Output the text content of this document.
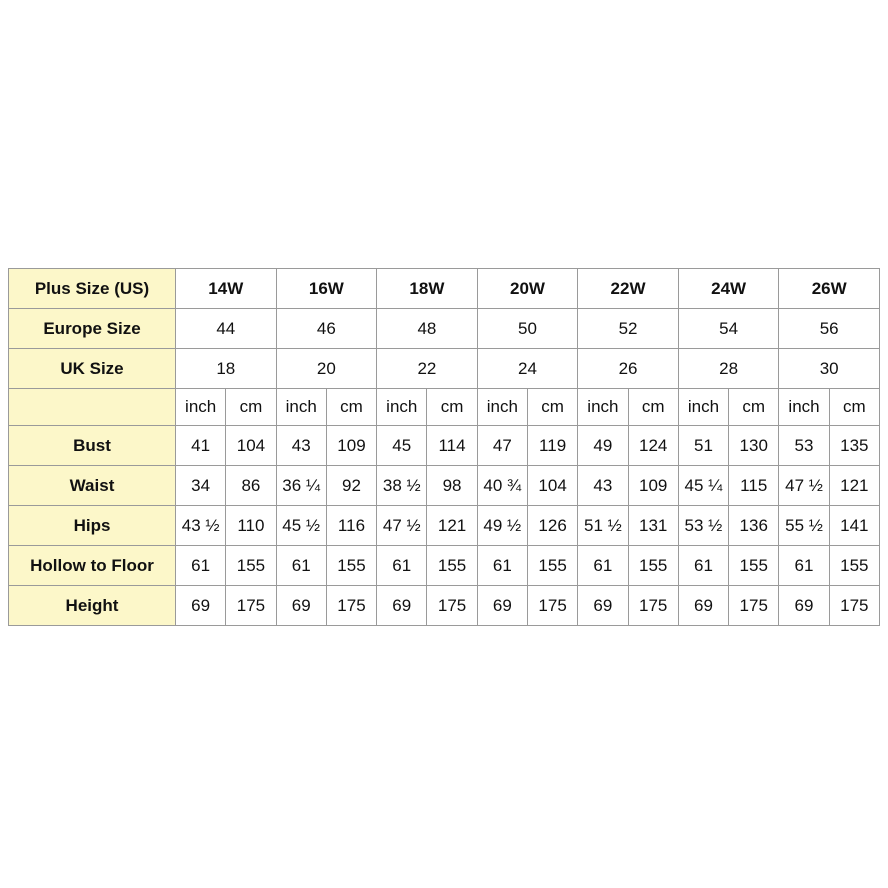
Plus Size (US)	14W		16W		18W		20W		22W		24W		26W	
Europe Size	44		46		48		50		52		54		56	
UK Size	18		20		22		24		26		28		30	
	inch	cm	inch	cm	inch	cm	inch	cm	inch	cm	inch	cm	inch	cm
Bust	41	104	43	109	45	114	47	119	49	124	51	130	53	135
Waist	34	86	36 ¼	92	38 ½	98	40 ¾	104	43	109	45 ¼	115	47 ½	121
Hips	43 ½	110	45 ½	116	47 ½	121	49 ½	126	51 ½	131	53 ½	136	55 ½	141
Hollow to Floor	61	155	61	155	61	155	61	155	61	155	61	155	61	155
Height	69	175	69	175	69	175	69	175	69	175	69	175	69	175
